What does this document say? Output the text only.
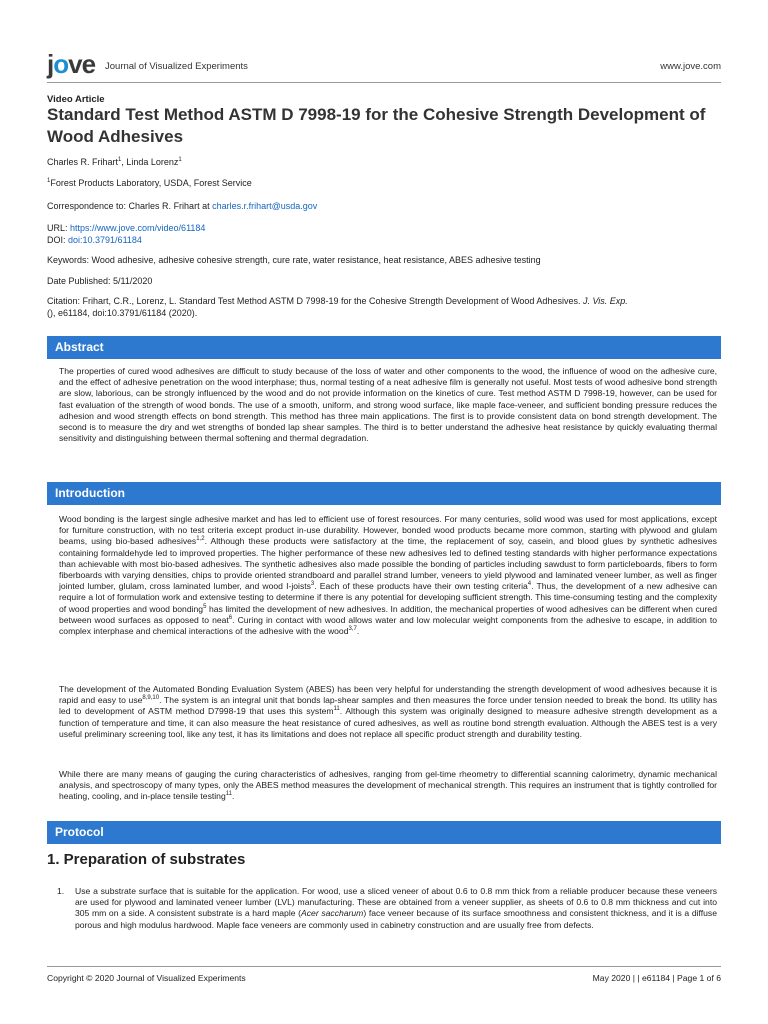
jove Journal of Visualized Experiments	www.jove.com
Video Article
Standard Test Method ASTM D 7998-19 for the Cohesive Strength Development of Wood Adhesives
Charles R. Frihart$^1$, Linda Lorenz$^1$
$^1$Forest Products Laboratory, USDA, Forest Service
Correspondence to: Charles R. Frihart at charles.r.frihart@usda.gov
URL: https://www.jove.com/video/61184
DOI: doi:10.3791/61184
Keywords: Wood adhesive, adhesive cohesive strength, cure rate, water resistance, heat resistance, ABES adhesive testing
Date Published: 5/11/2020
Citation: Frihart, C.R., Lorenz, L. Standard Test Method ASTM D 7998-19 for the Cohesive Strength Development of Wood Adhesives. J. Vis. Exp.
(), e61184, doi:10.3791/61184 (2020).
Abstract

The properties of cured wood adhesives are difficult to study because of the loss of water and other components to the wood, the influence of wood on the adhesive cure, and the effect of adhesive penetration on the wood interphase; thus, normal testing of a neat adhesive film is generally not useful. Most tests of wood adhesive bond strength are slow, laborious, can be strongly influenced by the wood and do not provide information on the kinetics of cure. Test method ASTM D 7998-19, however, can be used for fast evaluation of the strength of wood bonds. The use of a smooth, uniform, and strong wood surface, like maple face-veneer, and sufficient bonding pressure reduces the adhesion and wood strength effects on bond strength. This method has three main applications. The first is to provide consistent data on bond strength development. The second is to measure the dry and wet strengths of bonded lap shear samples. The third is to better understand the adhesive heat resistance by quickly evaluating thermal sensitivity and distinguishing between thermal softening and thermal degradation.

Introduction

Wood bonding is the largest single adhesive market and has led to efficient use of forest resources. For many centuries, solid wood was used for most applications, except for furniture construction, with no test criteria except product in-use durability. However, bonded wood products became more common, starting with plywood and glulam beams, using bio-based adhesives$^{1,2}$. Although these products were satisfactory at the time, the replacement of soy, casein, and blood glues by synthetic adhesives containing formaldehyde led to improved properties. The higher performance of these new adhesives led to defined testing standards with higher performance expectations than achievable with most bio-based adhesives. The synthetic adhesives also made possible the bonding of particles including sawdust to form particleboards, fibers to form fiberboards with varying densities, chips to provide oriented strandboard and parallel strand lumber, veneers to yield plywood and laminated veneer lumber, as well as finger jointed lumber, glulam, cross laminated lumber, and wood I-joists$^3$. Each of these products have their own testing criteria$^4$. Thus, the development of a new adhesive can require a lot of formulation work and extensive testing to determine if there is any potential for developing sufficient strength. This time-consuming testing and the complexity of wood properties and wood bonding$^5$ has limited the development of new adhesives. In addition, the mechanical properties of wood adhesives can be different when cured between wood surfaces as opposed to neat$^6$. Curing in contact with wood allows water and low molecular weight components from the adhesive to escape, in addition to complex interphase and chemical interactions of the adhesive with the wood$^{3,7}$.

The development of the Automated Bonding Evaluation System (ABES) has been very helpful for understanding the strength development of wood adhesives because it is rapid and easy to use$^{8,9,10}$. The system is an integral unit that bonds lap-shear samples and then measures the force under tension needed to break the bond. Its utility has led to development of ASTM method D7998-19 that uses this system$^{11}$. Although this system was originally designed to measure adhesive strength development as a function of temperature and time, it can also measure the heat resistance of cured adhesives, as well as routine bond strength evaluation. Although the ABES test is a very useful preliminary screening tool, like any test, it has its limitations and does not replace all specific product strength and durability testing.

While there are many means of gauging the curing characteristics of adhesives, ranging from gel-time rheometry to differential scanning calorimetry, dynamic mechanical analysis, and spectroscopy of many types, only the ABES method measures the development of mechanical strength. This requires an instrument that is tightly controlled for heating, cooling, and in-place tensile testing$^{11}$.

Protocol
1. Preparation of substrates
1. Use a substrate surface that is suitable for the application. For wood, use a sliced veneer of about 0.6 to 0.8 mm thick from a reliable producer because these veneers are used for plywood and laminated veneer lumber (LVL) manufacturing. These are obtained from a veneer supplier, as sheets of 0.6 to 0.8 mm thickness and cut into 305 mm on a side. A consistent substrate is a hard maple (Acer saccharum) face veneer because of its surface smoothness and consistent thickness, and it is a diffuse porous and high modulus hardwood. Maple face veneers are commonly used in cabinetry construction and are usually free from defects.
Copyright © 2020 Journal of Visualized Experiments	May 2020 | | e61184 | Page 1 of 6
